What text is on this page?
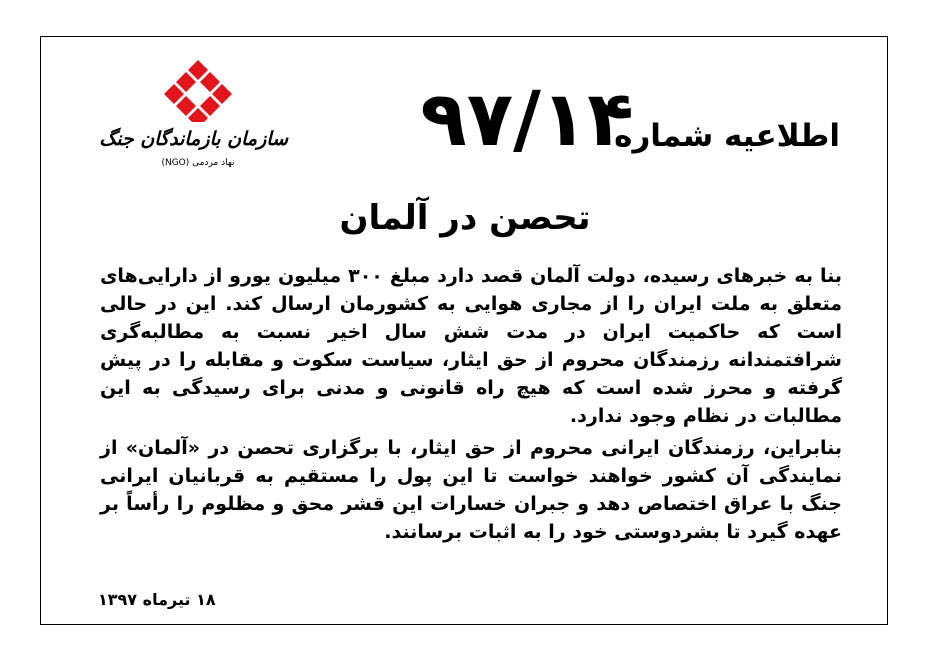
سازمان بازماندگان جنگ
نهاد مردمی (NGO)
اطلاعیه شماره
۹۷/۱۴
تحصن در آلمان

بنا به خبرهای رسیده، دولت آلمان قصد دارد مبلغ ۳۰۰ میلیون یورو از دارایی‌های متعلق به ملت ایران را از مجاری هوایی به کشورمان ارسال کند. این در حالی است که حاکمیت ایران در مدت شش سال اخیر نسبت به مطالبه‌گری شرافتمندانه رزمندگان محروم از حق ایثار، سیاست سکوت و مقابله را در پیش گرفته و محرز شده است که هیچ راه قانونی و مدنی برای رسیدگی به این مطالبات در نظام وجود ندارد.

بنابراین، رزمندگان ایرانی محروم از حق ایثار، با برگزاری تحصن در «آلمان» از نمایندگی آن کشور خواهند خواست تا این پول را مستقیم به قربانیان ایرانی جنگ با عراق اختصاص دهد و جبران خسارات این قشر محق و مظلوم را رأساً بر عهده گیرد تا بشردوستی خود را به اثبات برسانند.

۱۸ تیرماه ۱۳۹۷
